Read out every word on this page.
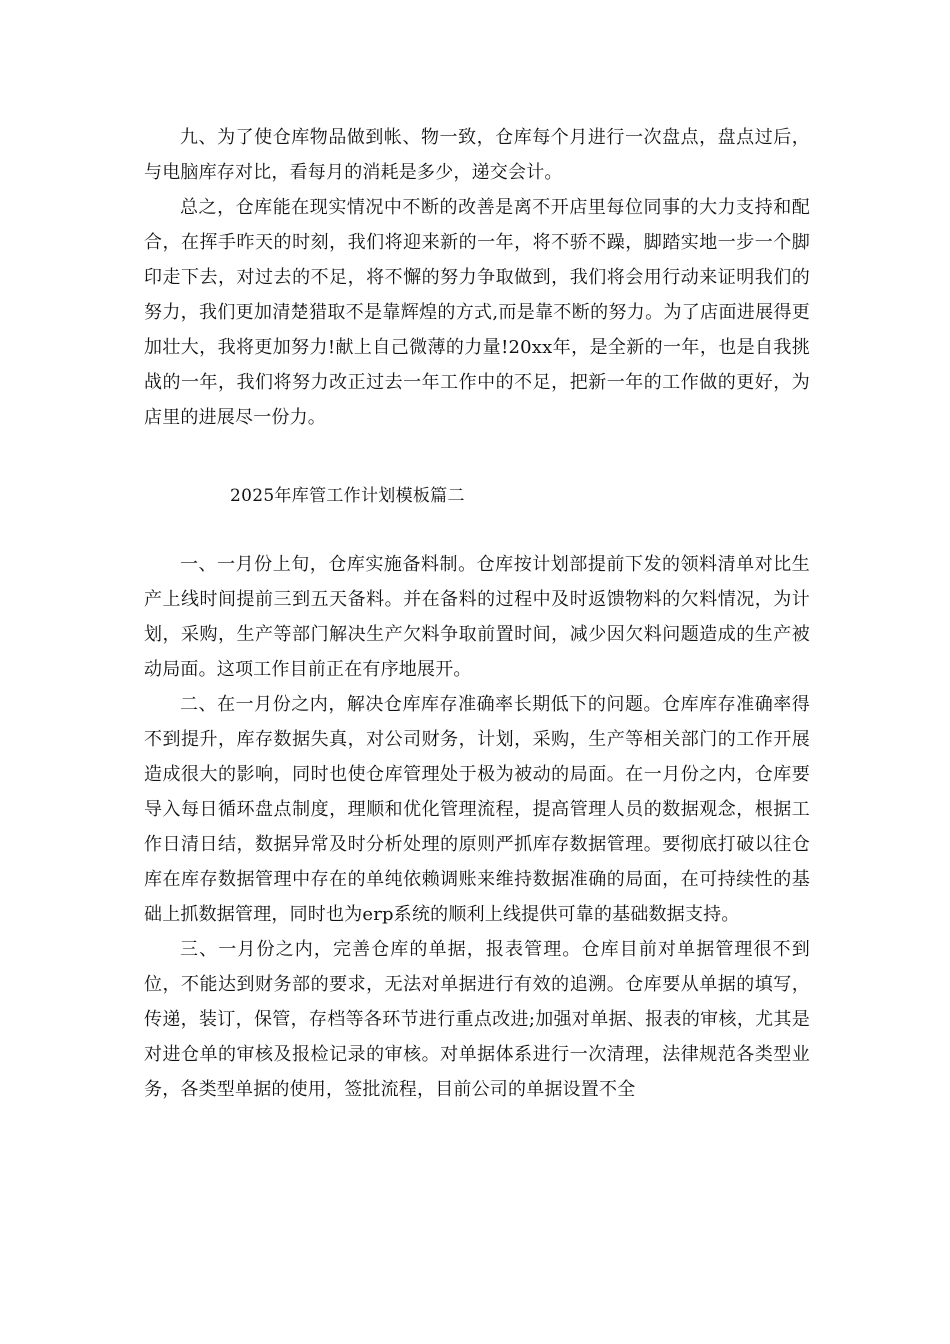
九、为了使仓库物品做到帐、物一致，仓库每个月进行一次盘点，盘点过后，与电脑库存对比，看每月的消耗是多少，递交会计。

总之，仓库能在现实情况中不断的改善是离不开店里每位同事的大力支持和配合，在挥手昨天的时刻，我们将迎来新的一年，将不骄不躁，脚踏实地一步一个脚印走下去，对过去的不足，将不懈的努力争取做到，我们将会用行动来证明我们的努力，我们更加清楚猎取不是靠辉煌的方式,而是靠不断的努力。为了店面进展得更加壮大，我将更加努力!献上自己微薄的力量!20xx年，是全新的一年，也是自我挑战的一年，我们将努力改正过去一年工作中的不足，把新一年的工作做的更好，为店里的进展尽一份力。

2025年库管工作计划模板篇二

一、一月份上旬，仓库实施备料制。仓库按计划部提前下发的领料清单对比生产上线时间提前三到五天备料。并在备料的过程中及时返馈物料的欠料情况，为计划，采购，生产等部门解决生产欠料争取前置时间，减少因欠料问题造成的生产被动局面。这项工作目前正在有序地展开。

二、在一月份之内，解决仓库库存准确率长期低下的问题。仓库库存准确率得不到提升，库存数据失真，对公司财务，计划，采购，生产等相关部门的工作开展造成很大的影响，同时也使仓库管理处于极为被动的局面。在一月份之内，仓库要导入每日循环盘点制度，理顺和优化管理流程，提高管理人员的数据观念，根据工作日清日结，数据异常及时分析处理的原则严抓库存数据管理。要彻底打破以往仓库在库存数据管理中存在的单纯依赖调账来维持数据准确的局面，在可持续性的基础上抓数据管理，同时也为erp系统的顺利上线提供可靠的基础数据支持。

三、一月份之内，完善仓库的单据，报表管理。仓库目前对单据管理很不到位，不能达到财务部的要求，无法对单据进行有效的追溯。仓库要从单据的填写，传递，装订，保管，存档等各环节进行重点改进;加强对单据、报表的审核，尤其是对进仓单的审核及报检记录的审核。对单据体系进行一次清理，法律规范各类型业务，各类型单据的使用，签批流程，目前公司的单据设置不全
